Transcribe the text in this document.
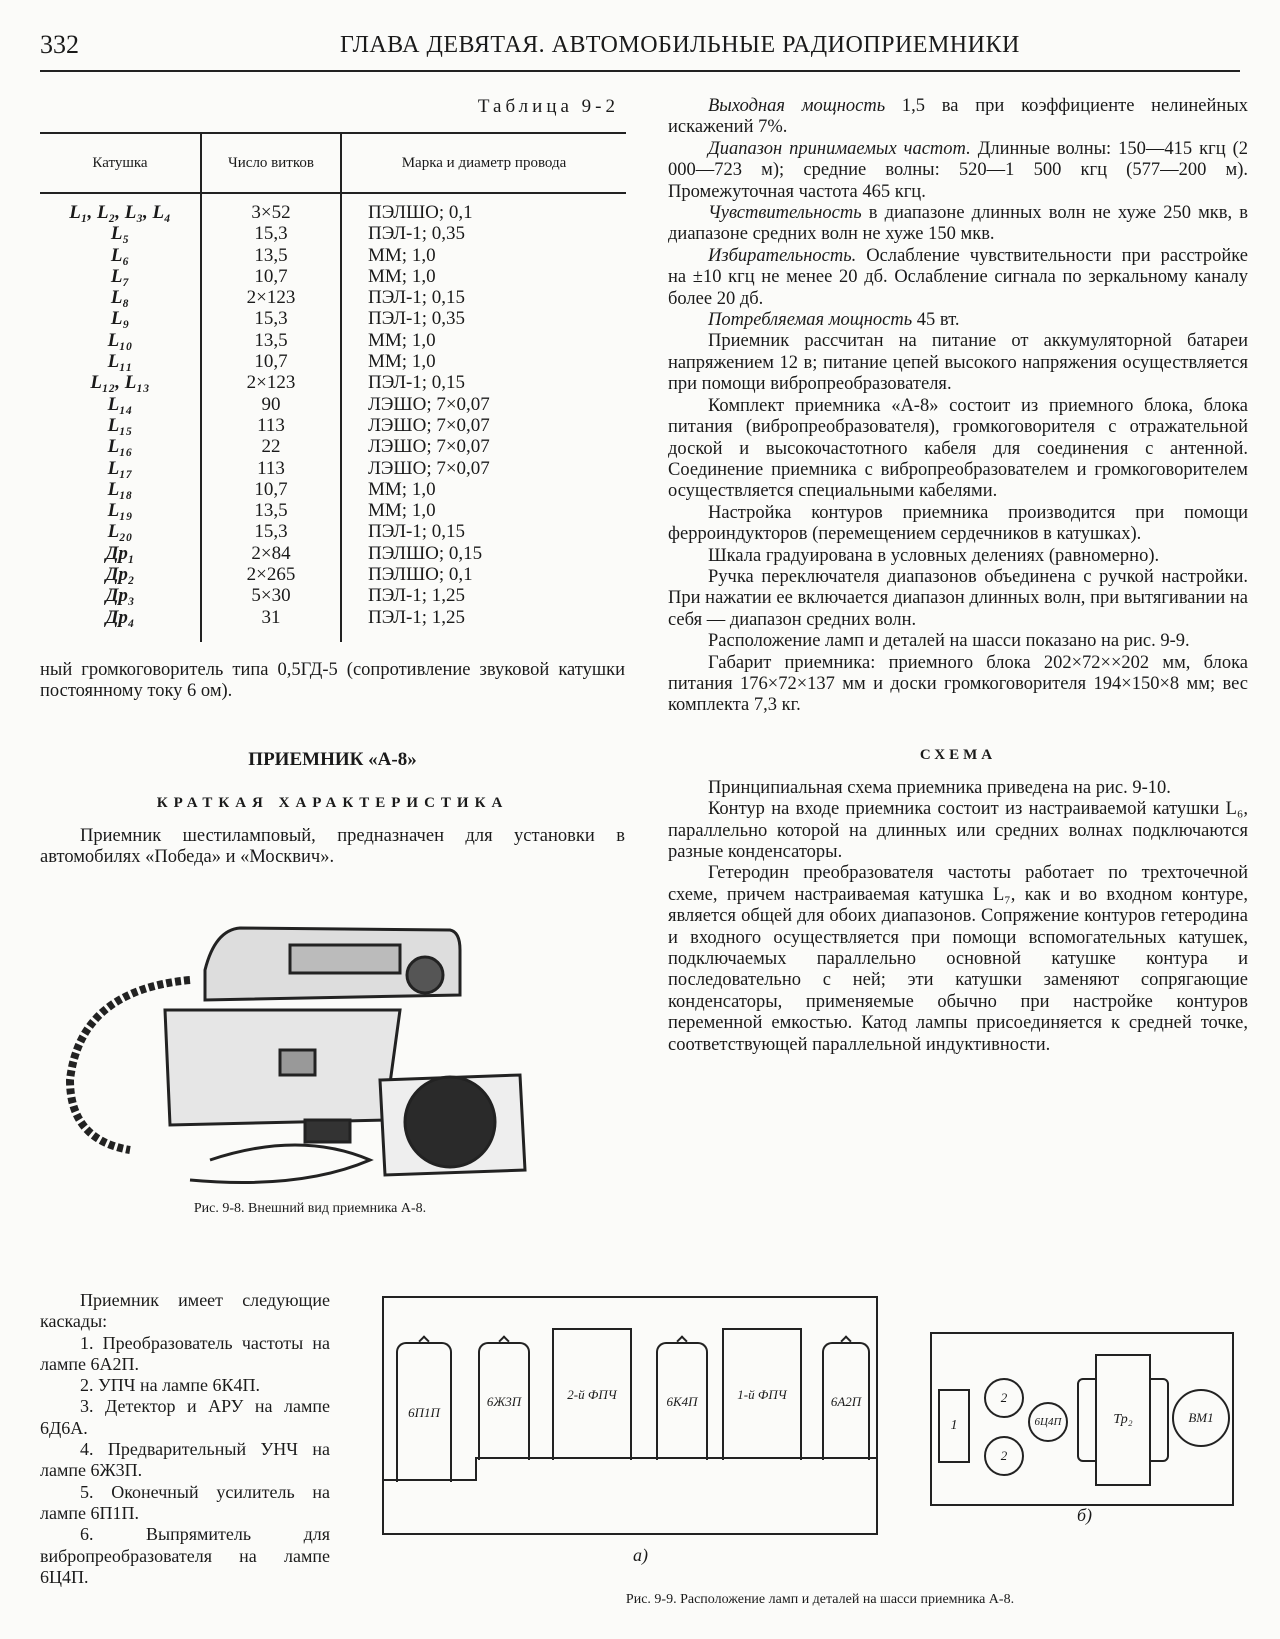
332	ГЛАВА ДЕВЯТАЯ. АВТОМОБИЛЬНЫЕ РАДИОПРИЕМНИКИ
Таблица 9-2
Катушка	Число витков	Марка и диаметр провода
L₁, L₂, L₃, L₄	3×52	ПЭЛШО; 0,1
L₅	15,3	ПЭЛ-1; 0,35
L₆	13,5	ММ; 1,0
L₇	10,7	ММ; 1,0
L₈	2×123	ПЭЛ-1; 0,15
L₉	15,3	ПЭЛ-1; 0,35
L₁₀	13,5	ММ; 1,0
L₁₁	10,7	ММ; 1,0
L₁₂, L₁₃	2×123	ПЭЛ-1; 0,15
L₁₄	90	ЛЭШО; 7×0,07
L₁₅	113	ЛЭШО; 7×0,07
L₁₆	22	ЛЭШО; 7×0,07
L₁₇	113	ЛЭШО; 7×0,07
L₁₈	10,7	ММ; 1,0
L₁₉	13,5	ММ; 1,0
L₂₀	15,3	ПЭЛ-1; 0,15
Др₁	2×84	ПЭЛШО; 0,15
Др₂	2×265	ПЭЛШО; 0,1
Др₃	5×30	ПЭЛ-1; 1,25
Др₄	31	ПЭЛ-1; 1,25

ный громкоговоритель типа 0,5ГД-5 (сопротивление звуковой катушки постоянному току 6 ом).

ПРИЕМНИК «А-8»
КРАТКАЯ ХАРАКТЕРИСТИКА

Приемник шестиламповый, предназначен для установки в автомобилях «Победа» и «Москвич».

Рис. 9-8. Внешний вид приемника А-8.

Приемник имеет следующие каскады:

1. Преобразователь частоты на лампе 6А2П.

2. УПЧ на лампе 6К4П.

3. Детектор и АРУ на лампе 6Д6А.

4. Предварительный УНЧ на лампе 6Ж3П.

5. Оконечный усилитель на лампе 6П1П.

6. Выпрямитель для вибропреобразователя на лампе 6Ц4П.

Выходная мощность 1,5 ва при коэффициенте нелинейных искажений 7%.

Диапазон принимаемых частот. Длинные волны: 150—415 кгц (2 000—723 м); средние волны: 520—1 500 кгц (577—200 м). Промежуточная частота 465 кгц.

Чувствительность в диапазоне длинных волн не хуже 250 мкв, в диапазоне средних волн не хуже 150 мкв.

Избирательность. Ослабление чувствительности при расстройке на ±10 кгц не менее 20 дб. Ослабление сигнала по зеркальному каналу более 20 дб.

Потребляемая мощность 45 вт.

Приемник рассчитан на питание от аккумуляторной батареи напряжением 12 в; питание цепей высокого напряжения осуществляется при помощи вибропреобразователя.

Комплект приемника «А-8» состоит из приемного блока, блока питания (вибропреобразователя), громкоговорителя с отражательной доской и высокочастотного кабеля для соединения с антенной. Соединение приемника с вибропреобразователем и громкоговорителем осуществляется специальными кабелями.

Настройка контуров приемника производится при помощи ферроиндукторов (перемещением сердечников в катушках).

Шкала градуирована в условных делениях (равномерно).

Ручка переключателя диапазонов объединена с ручкой настройки. При нажатии ее включается диапазон длинных волн, при вытягивании на себя — диапазон средних волн.

Расположение ламп и деталей на шасси показано на рис. 9-9.

Габарит приемника: приемного блока 202×72××202 мм, блока питания 176×72×137 мм и доски громкоговорителя 194×150×8 мм; вес комплекта 7,3 кг.

СХЕМА

Принципиальная схема приемника приведена на рис. 9-10.

Контур на входе приемника состоит из настраиваемой катушки L₆, параллельно которой на длинных или средних волнах подключаются разные конденсаторы.

Гетеродин преобразователя частоты работает по трехточечной схеме, причем настраиваемая катушка L₇, как и во входном контуре, является общей для обоих диапазонов. Сопряжение контуров гетеродина и входного осуществляется при помощи вспомогательных катушек, подключаемых параллельно основной катушке контура и последовательно с ней; эти катушки заменяют сопрягающие конденсаторы, применяемые обычно при настройке контуров переменной емкостью. Катод лампы присоединяется к средней точке, соответствующей параллельной индуктивности.

6П1П
6Ж3П	2-й ФПЧ	6К4П	1-й ФПЧ	6А2П
а)
1
2
2
6Ц4П	Тр₂	ВМ1
б)
Рис. 9-9. Расположение ламп и деталей на шасси приемника А-8.
